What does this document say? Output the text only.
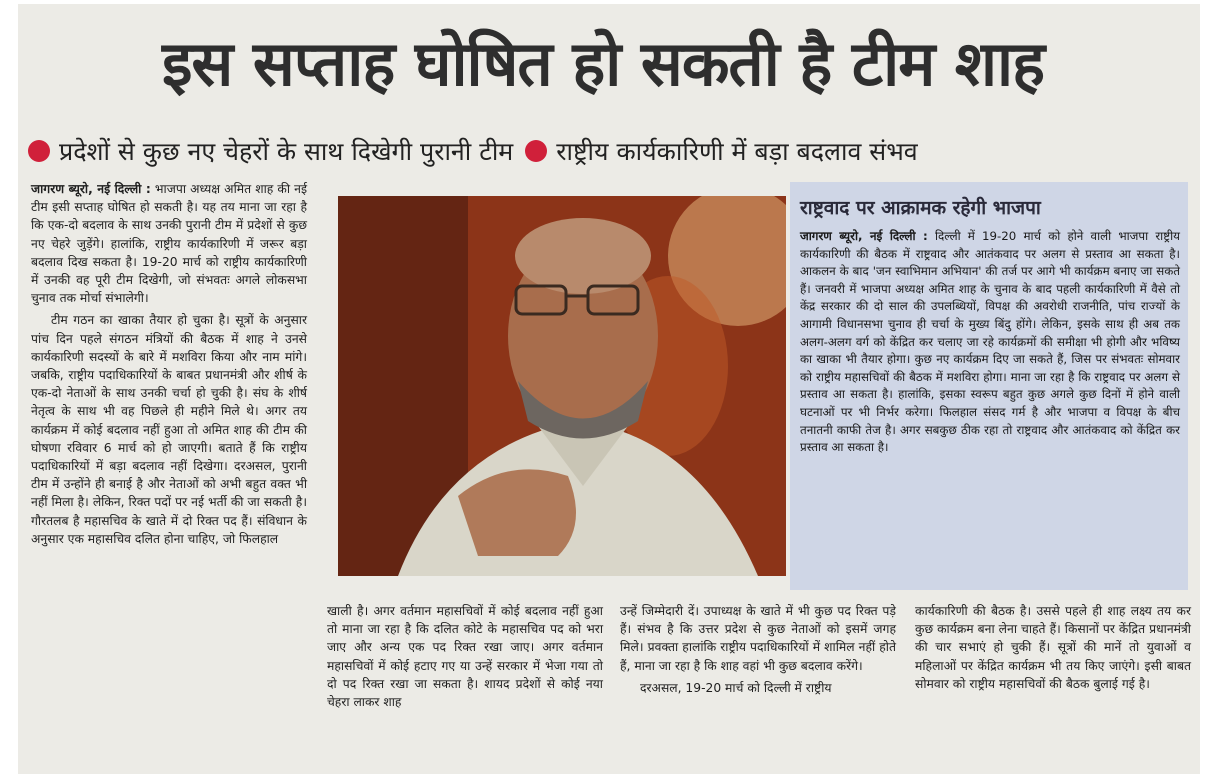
इस सप्ताह घोषित हो सकती है टीम शाह
प्रदेशों से कुछ नए चेहरों के साथ दिखेगी पुरानी टीम राष्ट्रीय कार्यकारिणी में बड़ा बदलाव संभव

जागरण ब्यूरो, नई दिल्ली : भाजपा अध्यक्ष अमित शाह की नई टीम इसी सप्ताह घोषित हो सकती है। यह तय माना जा रहा है कि एक-दो बदलाव के साथ उनकी पुरानी टीम में प्रदेशों से कुछ नए चेहरे जुड़ेंगे। हालांकि, राष्ट्रीय कार्यकारिणी में जरूर बड़ा बदलाव दिख सकता है। 19-20 मार्च को राष्ट्रीय कार्यकारिणी में उनकी वह पूरी टीम दिखेगी, जो संभवतः अगले लोकसभा चुनाव तक मोर्चा संभालेगी।

टीम गठन का खाका तैयार हो चुका है। सूत्रों के अनुसार पांच दिन पहले संगठन मंत्रियों की बैठक में शाह ने उनसे कार्यकारिणी सदस्यों के बारे में मशविरा किया और नाम मांगे। जबकि, राष्ट्रीय पदाधिकारियों के बाबत प्रधानमंत्री और शीर्ष के एक-दो नेताओं के साथ उनकी चर्चा हो चुकी है। संघ के शीर्ष नेतृत्व के साथ भी वह पिछले ही महीने मिले थे। अगर तय कार्यक्रम में कोई बदलाव नहीं हुआ तो अमित शाह की टीम की घोषणा रविवार 6 मार्च को हो जाएगी। बताते हैं कि राष्ट्रीय पदाधिकारियों में बड़ा बदलाव नहीं दिखेगा। दरअसल, पुरानी टीम में उन्होंने ही बनाई है और नेताओं को अभी बहुत वक्त भी नहीं मिला है। लेकिन, रिक्त पदों पर नई भर्ती की जा सकती है। गौरतलब है महासचिव के खाते में दो रिक्त पद हैं। संविधान के अनुसार एक महासचिव दलित होना चाहिए, जो फिलहाल

राष्ट्रवाद पर आक्रामक रहेगी भाजपा
जागरण ब्यूरो, नई दिल्ली : दिल्ली में 19-20 मार्च को होने वाली भाजपा राष्ट्रीय कार्यकारिणी की बैठक में राष्ट्रवाद और आतंकवाद पर अलग से प्रस्ताव आ सकता है। आकलन के बाद 'जन स्वाभिमान अभियान' की तर्ज पर आगे भी कार्यक्रम बनाए जा सकते हैं। जनवरी में भाजपा अध्यक्ष अमित शाह के चुनाव के बाद पहली कार्यकारिणी में वैसे तो केंद्र सरकार की दो साल की उपलब्धियों, विपक्ष की अवरोधी राजनीति, पांच राज्यों के आगामी विधानसभा चुनाव ही चर्चा के मुख्य बिंदु होंगे। लेकिन, इसके साथ ही अब तक अलग-अलग वर्ग को केंद्रित कर चलाए जा रहे कार्यक्रमों की समीक्षा भी होगी और भविष्य का खाका भी तैयार होगा। कुछ नए कार्यक्रम दिए जा सकते हैं, जिस पर संभवतः सोमवार को राष्ट्रीय महासचिवों की बैठक में मशविरा होगा। माना जा रहा है कि राष्ट्रवाद पर अलग से प्रस्ताव आ सकता है। हालांकि, इसका स्वरूप बहुत कुछ अगले कुछ दिनों में होने वाली घटनाओं पर भी निर्भर करेगा। फिलहाल संसद गर्म है और भाजपा व विपक्ष के बीच तनातनी काफी तेज है। अगर सबकुछ ठीक रहा तो राष्ट्रवाद और आतंकवाद को केंद्रित कर प्रस्ताव आ सकता है।

खाली है। अगर वर्तमान महासचिवों में कोई बदलाव नहीं हुआ तो माना जा रहा है कि दलित कोटे के महासचिव पद को भरा जाए और अन्य एक पद रिक्त रखा जाए। अगर वर्तमान महासचिवों में कोई हटाए गए या उन्हें सरकार में भेजा गया तो दो पद रिक्त रखा जा सकता है। शायद प्रदेशों से कोई नया चेहरा लाकर शाह

उन्हें जिम्मेदारी दें। उपाध्यक्ष के खाते में भी कुछ पद रिक्त पड़े हैं। संभव है कि उत्तर प्रदेश से कुछ नेताओं को इसमें जगह मिले। प्रवक्ता हालांकि राष्ट्रीय पदाधिकारियों में शामिल नहीं होते हैं, माना जा रहा है कि शाह वहां भी कुछ बदलाव करेंगे।

दरअसल, 19-20 मार्च को दिल्ली में राष्ट्रीय

कार्यकारिणी की बैठक है। उससे पहले ही शाह लक्ष्य तय कर कुछ कार्यक्रम बना लेना चाहते हैं। किसानों पर केंद्रित प्रधानमंत्री की चार सभाएं हो चुकी हैं। सूत्रों की मानें तो युवाओं व महिलाओं पर केंद्रित कार्यक्रम भी तय किए जाएंगे। इसी बाबत सोमवार को राष्ट्रीय महासचिवों की बैठक बुलाई गई है।
